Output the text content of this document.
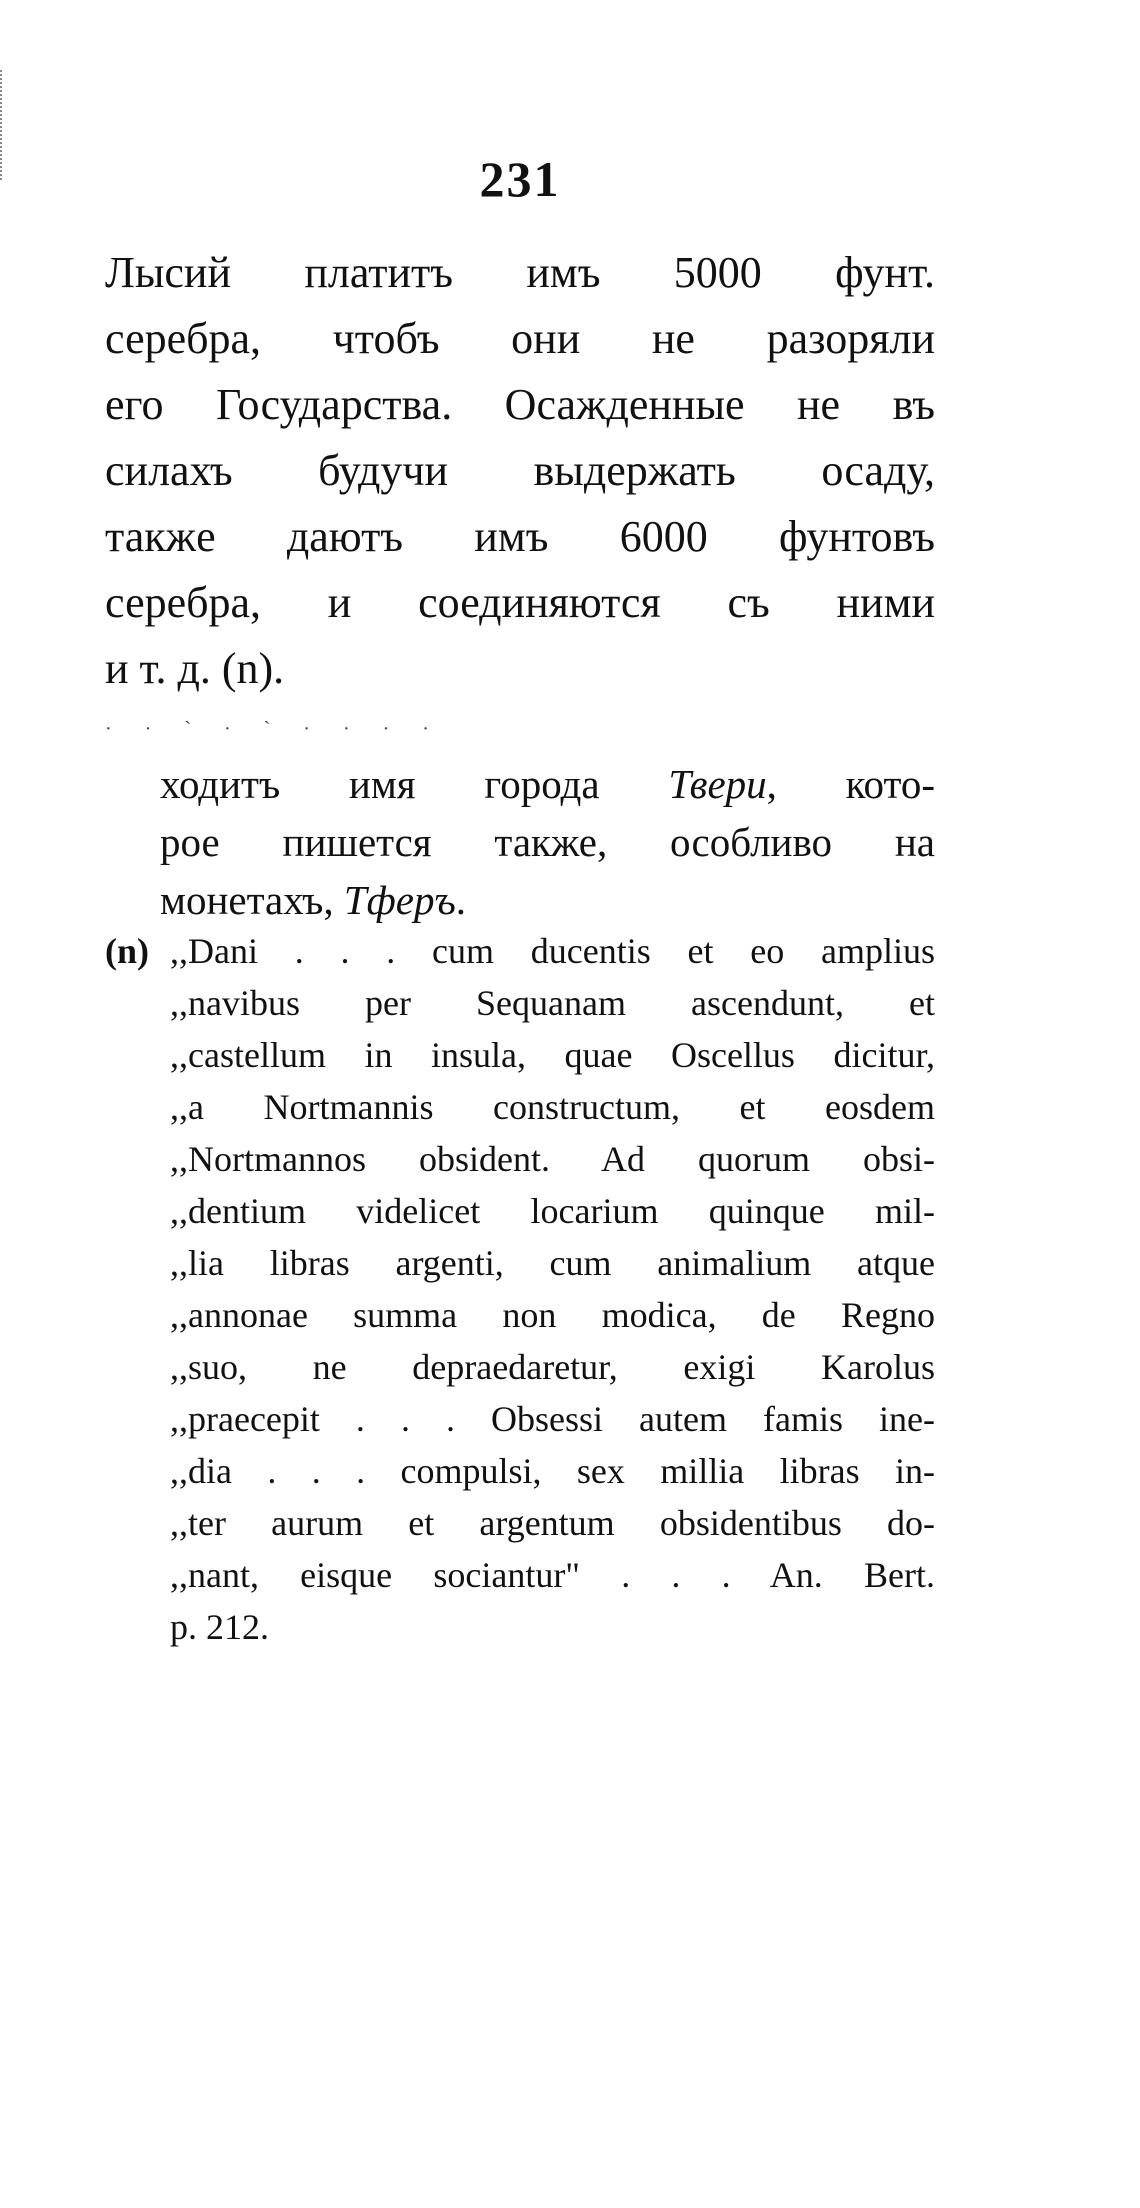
231
Лысий платитъ имъ 5000 фунт.
серебра, чтобъ они не разоряли
его Государства. Осажденные не въ
силахъ будучи выдержать осаду,
такжe даютъ имъ 6000 фунтовъ
серебра, и соединяются съ ними
и т. д. (n).
· · ˋ · ˋ · · · ·
ходитъ имя города Твери, кото-
рое пишется также, особливо на
монетахъ, Тферъ.
(n) ,,Dani . . . cum ducentis et eo amplius
,,navibus per Sequanam ascendunt, et
,,castellum in insula, quae Oscellus dicitur,
,,a Nortmannis constructum, et eosdem
,,Nortmannos obsident. Ad quorum obsi-
,,dentium videlicet locarium quinque mil-
,,lia libras argenti, cum animalium atque
,,annonae summa non modica, de Regno
,,suo, ne depraedaretur, exigi Karolus
,,praecepit . . . Obsessi autem famis ine-
,,dia . . . compulsi, sex millia libras in-
,,ter aurum et argentum obsidentibus do-
,,nant, eisque sociantur" . . . An. Bert.
p. 212.
